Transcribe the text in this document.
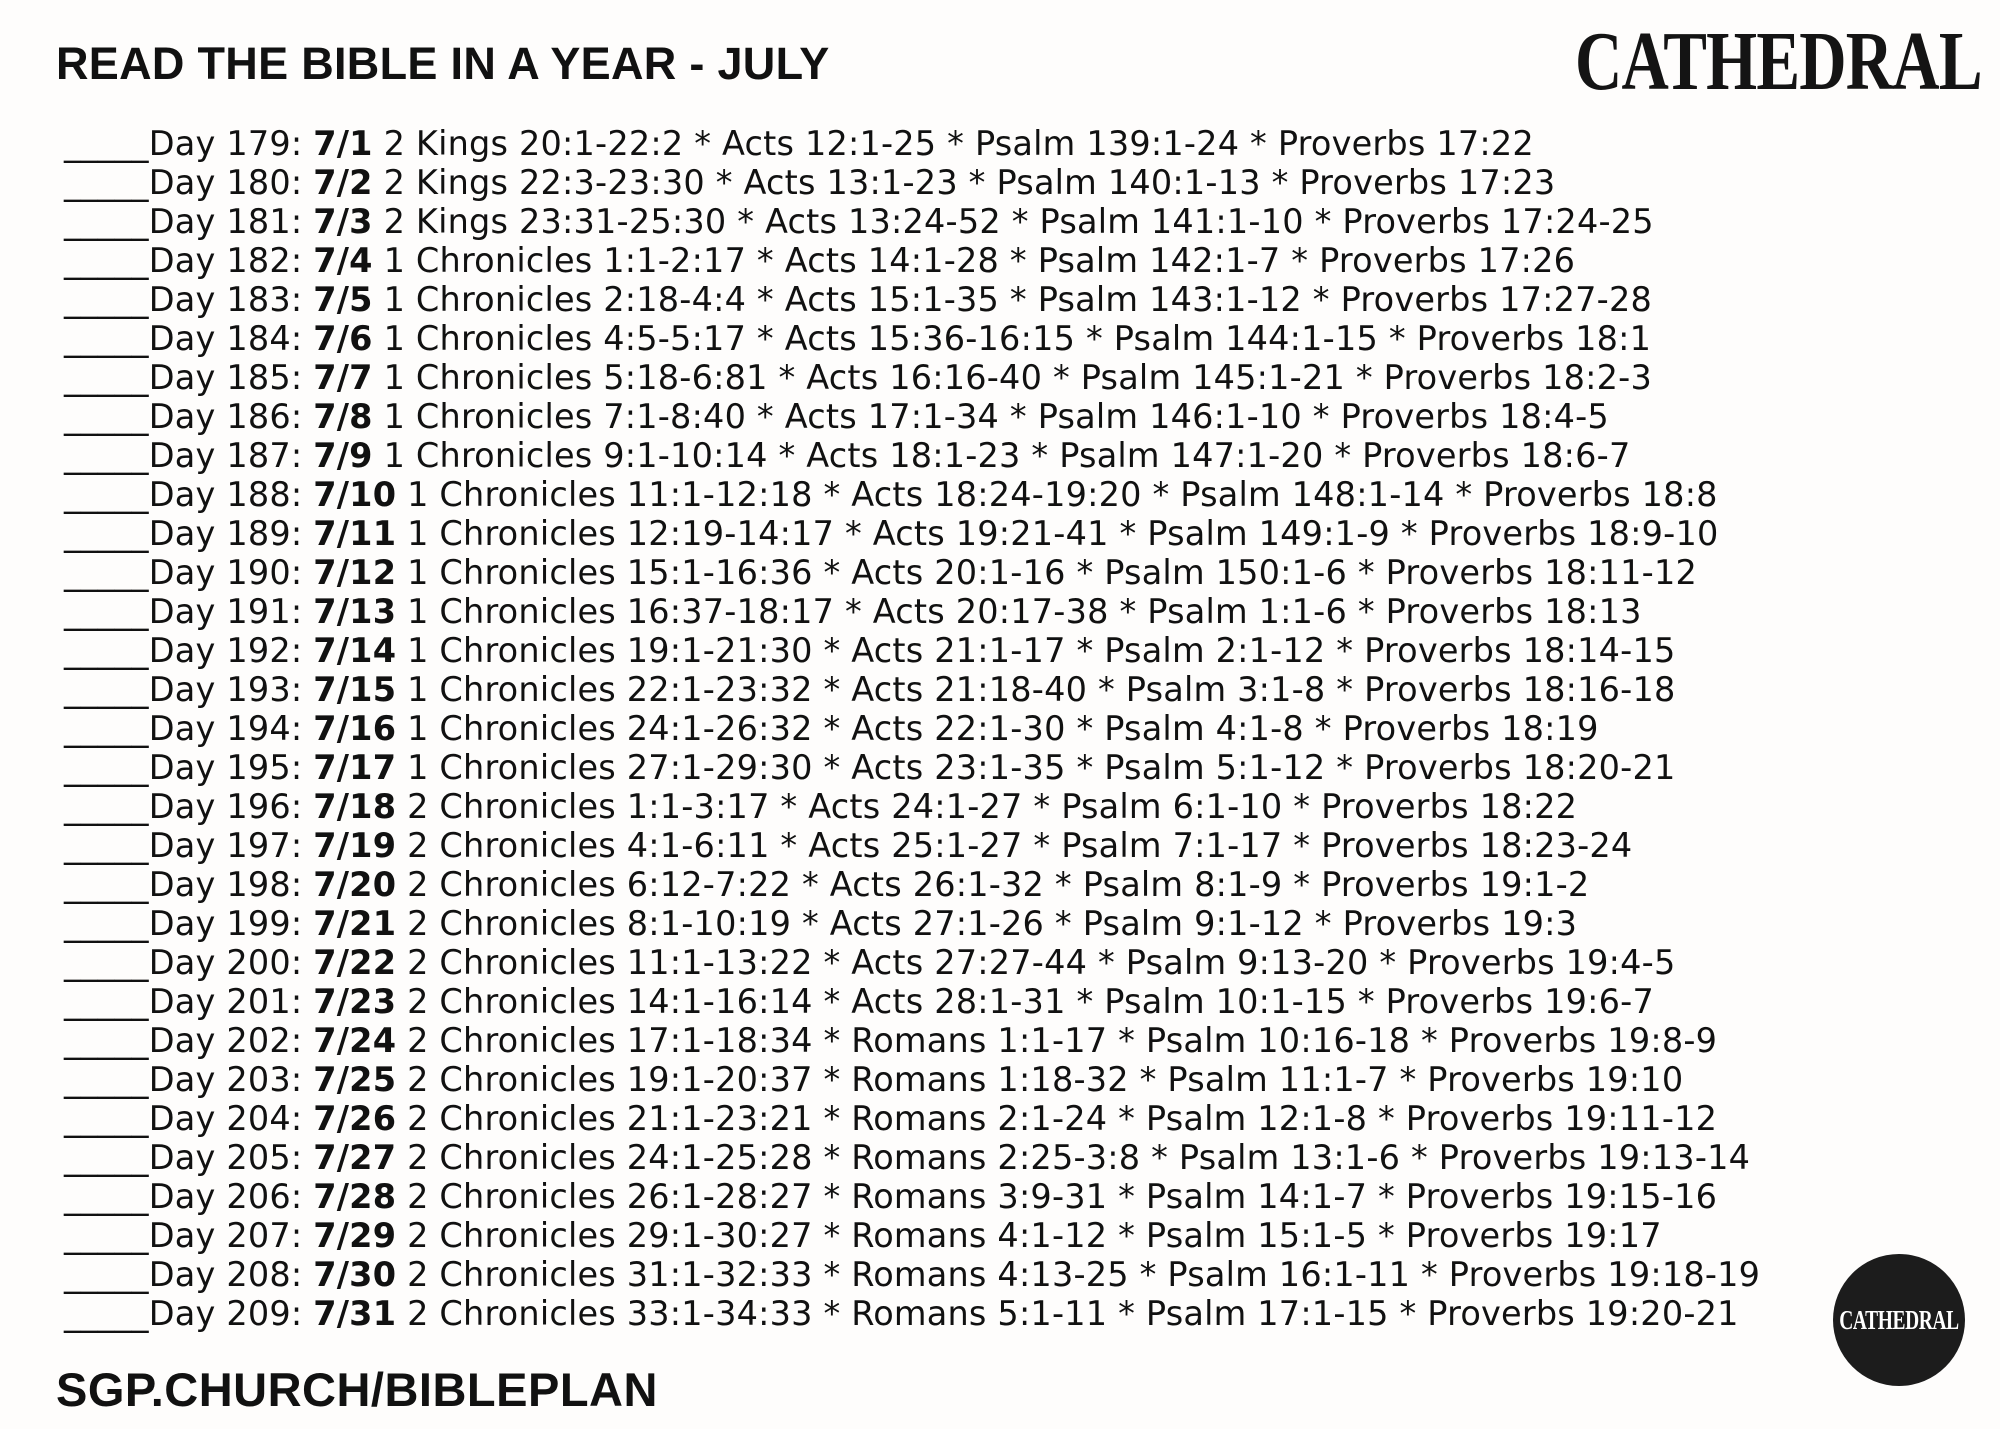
READ THE BIBLE IN A YEAR - JULY	CATHEDRAL
_____Day 179: 7/1 2 Kings 20:1-22:2 * Acts 12:1-25 * Psalm 139:1-24 * Proverbs 17:22
_____Day 180: 7/2 2 Kings 22:3-23:30 * Acts 13:1-23 * Psalm 140:1-13 * Proverbs 17:23
_____Day 181: 7/3 2 Kings 23:31-25:30 * Acts 13:24-52 * Psalm 141:1-10 * Proverbs 17:24-25
_____Day 182: 7/4 1 Chronicles 1:1-2:17 * Acts 14:1-28 * Psalm 142:1-7 * Proverbs 17:26
_____Day 183: 7/5 1 Chronicles 2:18-4:4 * Acts 15:1-35 * Psalm 143:1-12 * Proverbs 17:27-28
_____Day 184: 7/6 1 Chronicles 4:5-5:17 * Acts 15:36-16:15 * Psalm 144:1-15 * Proverbs 18:1
_____Day 185: 7/7 1 Chronicles 5:18-6:81 * Acts 16:16-40 * Psalm 145:1-21 * Proverbs 18:2-3
_____Day 186: 7/8 1 Chronicles 7:1-8:40 * Acts 17:1-34 * Psalm 146:1-10 * Proverbs 18:4-5
_____Day 187: 7/9 1 Chronicles 9:1-10:14 * Acts 18:1-23 * Psalm 147:1-20 * Proverbs 18:6-7
_____Day 188: 7/10 1 Chronicles 11:1-12:18 * Acts 18:24-19:20 * Psalm 148:1-14 * Proverbs 18:8
_____Day 189: 7/11 1 Chronicles 12:19-14:17 * Acts 19:21-41 * Psalm 149:1-9 * Proverbs 18:9-10
_____Day 190: 7/12 1 Chronicles 15:1-16:36 * Acts 20:1-16 * Psalm 150:1-6 * Proverbs 18:11-12
_____Day 191: 7/13 1 Chronicles 16:37-18:17 * Acts 20:17-38 * Psalm 1:1-6 * Proverbs 18:13
_____Day 192: 7/14 1 Chronicles 19:1-21:30 * Acts 21:1-17 * Psalm 2:1-12 * Proverbs 18:14-15
_____Day 193: 7/15 1 Chronicles 22:1-23:32 * Acts 21:18-40 * Psalm 3:1-8 * Proverbs 18:16-18
_____Day 194: 7/16 1 Chronicles 24:1-26:32 * Acts 22:1-30 * Psalm 4:1-8 * Proverbs 18:19
_____Day 195: 7/17 1 Chronicles 27:1-29:30 * Acts 23:1-35 * Psalm 5:1-12 * Proverbs 18:20-21
_____Day 196: 7/18 2 Chronicles 1:1-3:17 * Acts 24:1-27 * Psalm 6:1-10 * Proverbs 18:22
_____Day 197: 7/19 2 Chronicles 4:1-6:11 * Acts 25:1-27 * Psalm 7:1-17 * Proverbs 18:23-24
_____Day 198: 7/20 2 Chronicles 6:12-7:22 * Acts 26:1-32 * Psalm 8:1-9 * Proverbs 19:1-2
_____Day 199: 7/21 2 Chronicles 8:1-10:19 * Acts 27:1-26 * Psalm 9:1-12 * Proverbs 19:3
_____Day 200: 7/22 2 Chronicles 11:1-13:22 * Acts 27:27-44 * Psalm 9:13-20 * Proverbs 19:4-5
_____Day 201: 7/23 2 Chronicles 14:1-16:14 * Acts 28:1-31 * Psalm 10:1-15 * Proverbs 19:6-7
_____Day 202: 7/24 2 Chronicles 17:1-18:34 * Romans 1:1-17 * Psalm 10:16-18 * Proverbs 19:8-9
_____Day 203: 7/25 2 Chronicles 19:1-20:37 * Romans 1:18-32 * Psalm 11:1-7 * Proverbs 19:10
_____Day 204: 7/26 2 Chronicles 21:1-23:21 * Romans 2:1-24 * Psalm 12:1-8 * Proverbs 19:11-12
_____Day 205: 7/27 2 Chronicles 24:1-25:28 * Romans 2:25-3:8 * Psalm 13:1-6 * Proverbs 19:13-14
_____Day 206: 7/28 2 Chronicles 26:1-28:27 * Romans 3:9-31 * Psalm 14:1-7 * Proverbs 19:15-16
_____Day 207: 7/29 2 Chronicles 29:1-30:27 * Romans 4:1-12 * Psalm 15:1-5 * Proverbs 19:17
_____Day 208: 7/30 2 Chronicles 31:1-32:33 * Romans 4:13-25 * Psalm 16:1-11 * Proverbs 19:18-19
_____Day 209: 7/31 2 Chronicles 33:1-34:33 * Romans 5:1-11 * Psalm 17:1-15 * Proverbs 19:20-21
SGP.CHURCH/BIBLEPLAN
CATHEDRAL
